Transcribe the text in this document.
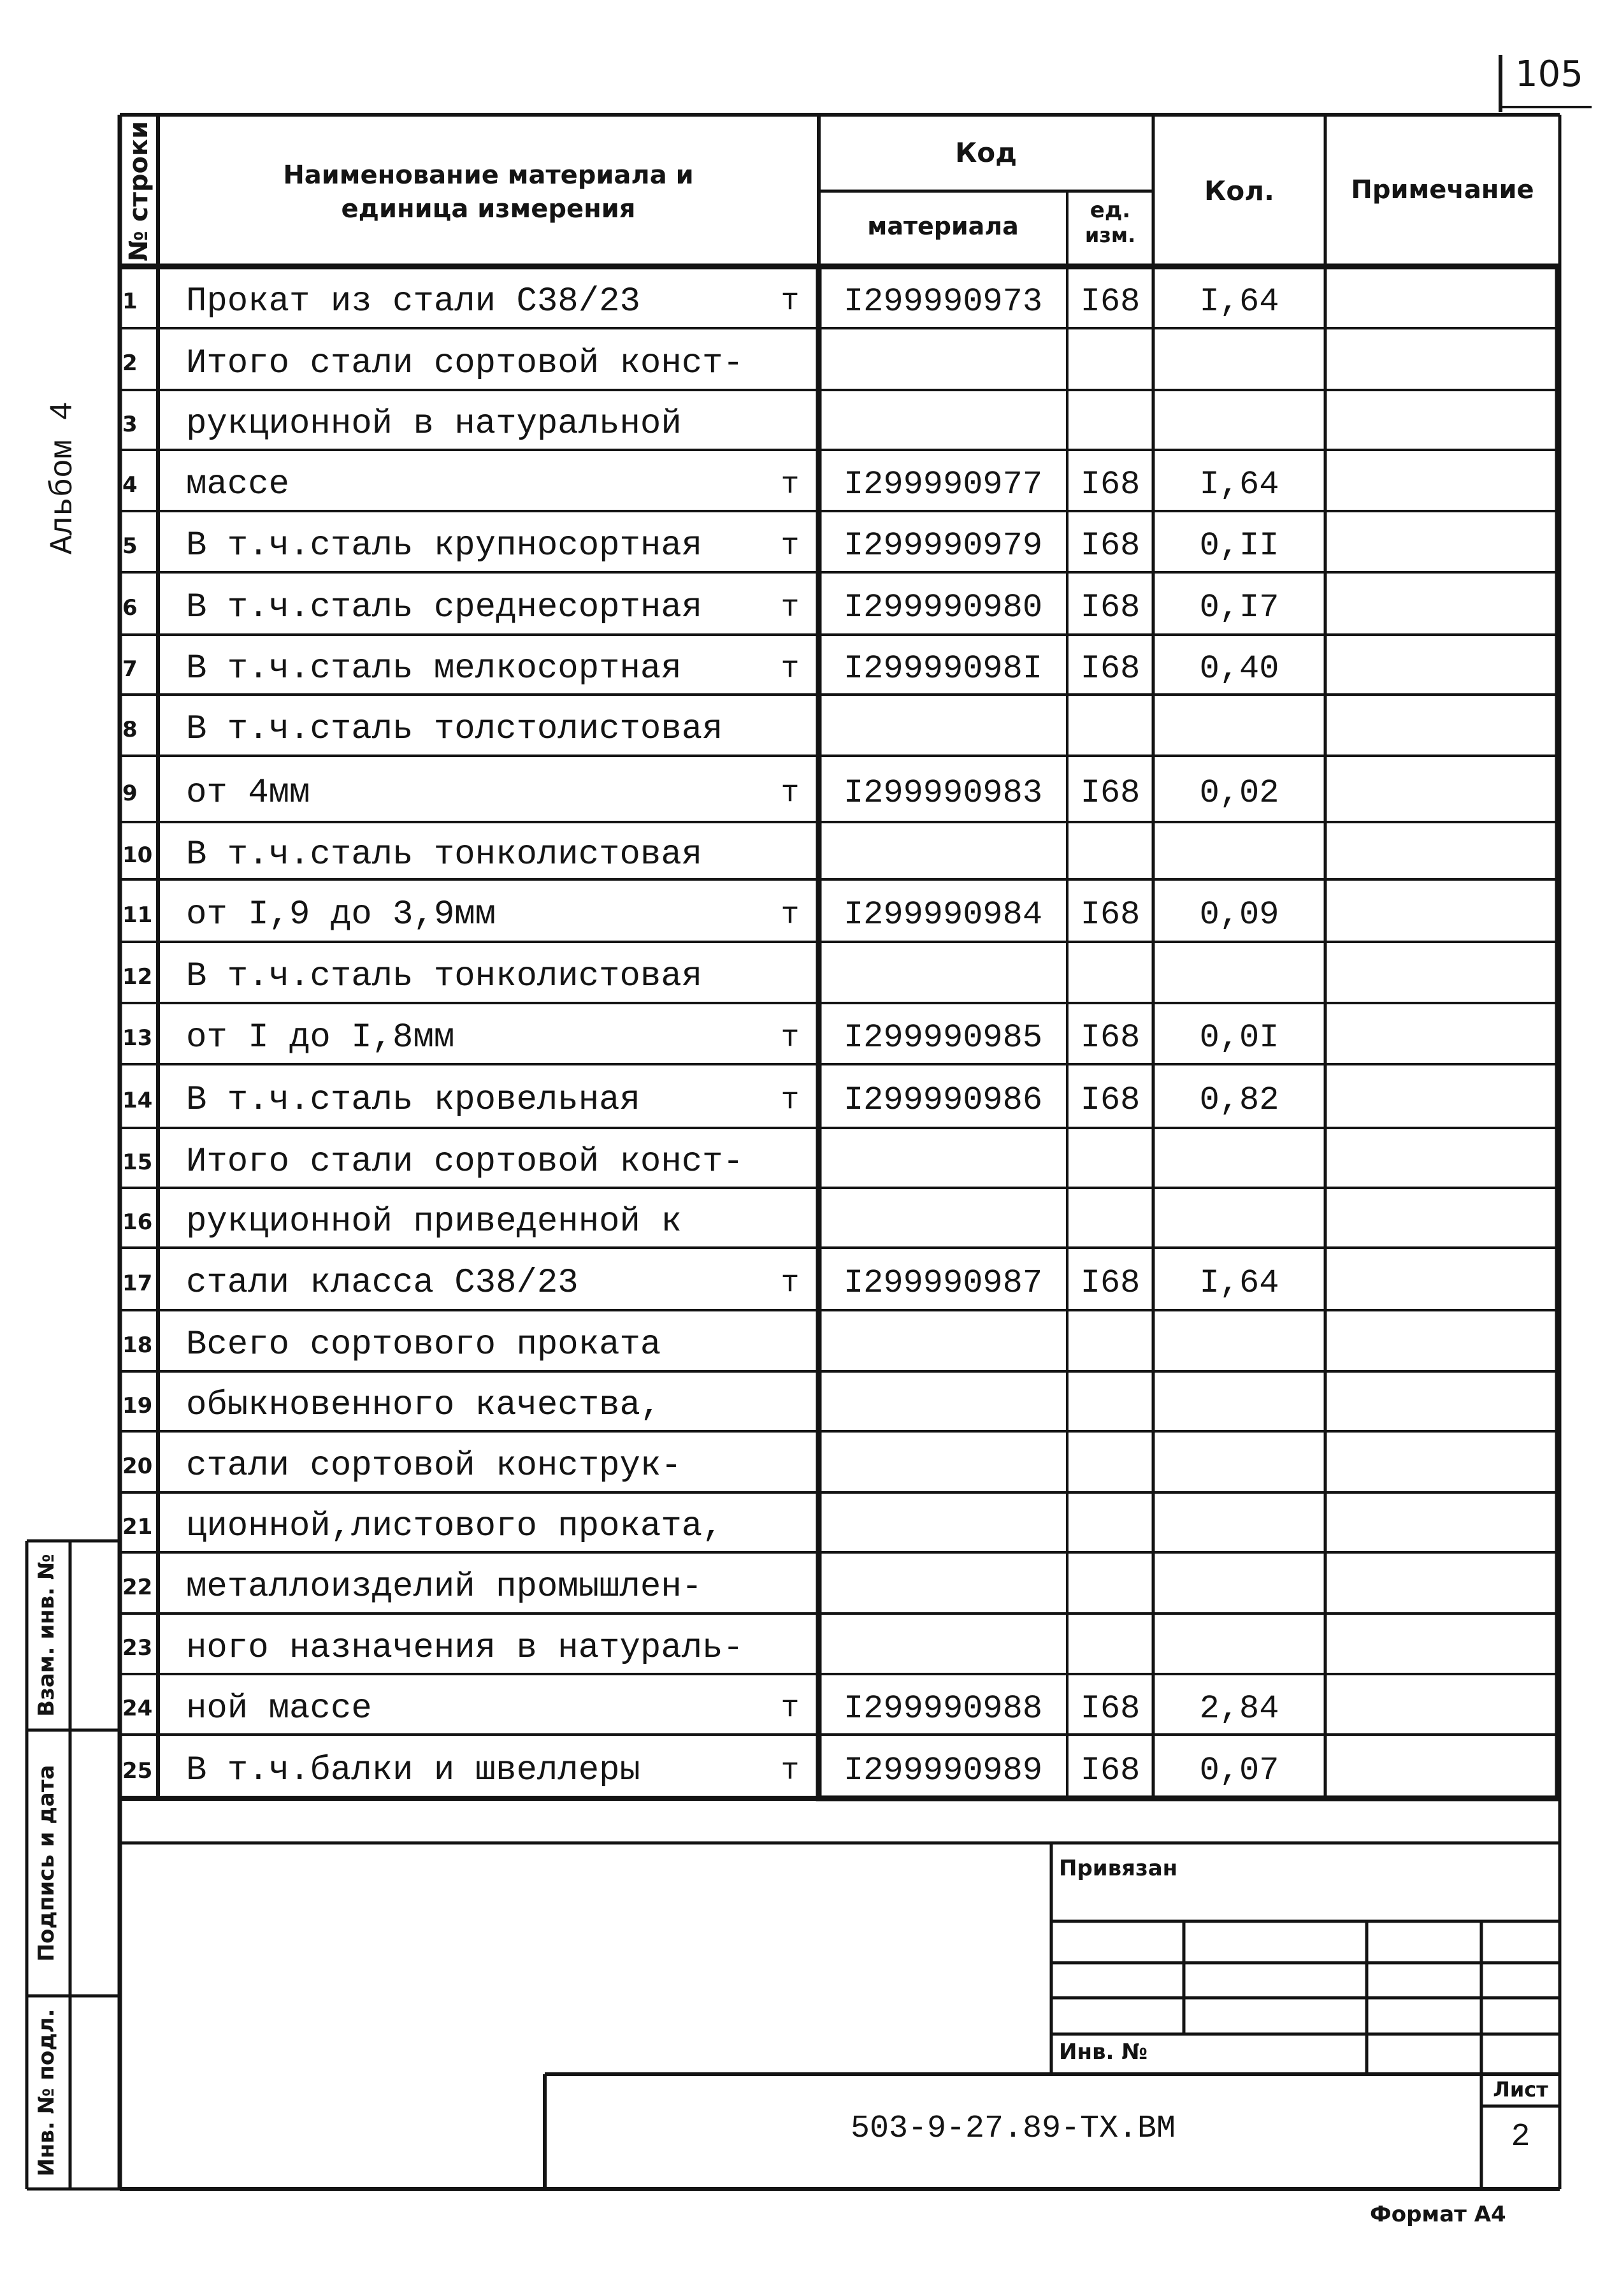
105
Альбом 4
№ строки	Наименование материала и
единица измерения
Код
материала
ед.
изм.
Кол.	Примечание
1	Прокат из стали С38/23	т	I299990973	I68	I,64
2	Итого стали сортовой конст-
3	рукционной в натуральной
4	массе	т	I299990977	I68	I,64
5	В т.ч.сталь крупносортная	т	I299990979	I68	0,II
6	В т.ч.сталь среднесортная	т	I299990980	I68	0,I7
7	В т.ч.сталь мелкосортная	т	I29999098I	I68	0,40
8	В т.ч.сталь толстолистовая
9	от 4мм	т	I299990983	I68	0,02
10 В т.ч.сталь тонколистовая
11 от I,9 до 3,9мм	т	I299990984	I68	0,09
12 В т.ч.сталь тонколистовая
13 от I до I,8мм	т	I299990985	I68	0,0I
14 В т.ч.сталь кровельная	т	I299990986	I68	0,82
15 Итого стали сортовой конст-
16 рукционной приведенной к
17 стали класса С38/23	т	I299990987	I68	I,64
18 Всего сортового проката
19 обыкновенного качества,
20 стали сортовой конструк-
21 ционной,листового проката,
22 металлоизделий промышлен-
23 ного назначения в натураль-
24 ной массе	т	I299990988	I68	2,84
25 В т.ч.балки и швеллеры	т	I299990989	I68	0,07
Взам. инв. №
Подпись и дата
Инв. № подл.
Привязан
Инв. №
503-9-27.89-ТХ.ВМ
Лист
2
Формат А4
